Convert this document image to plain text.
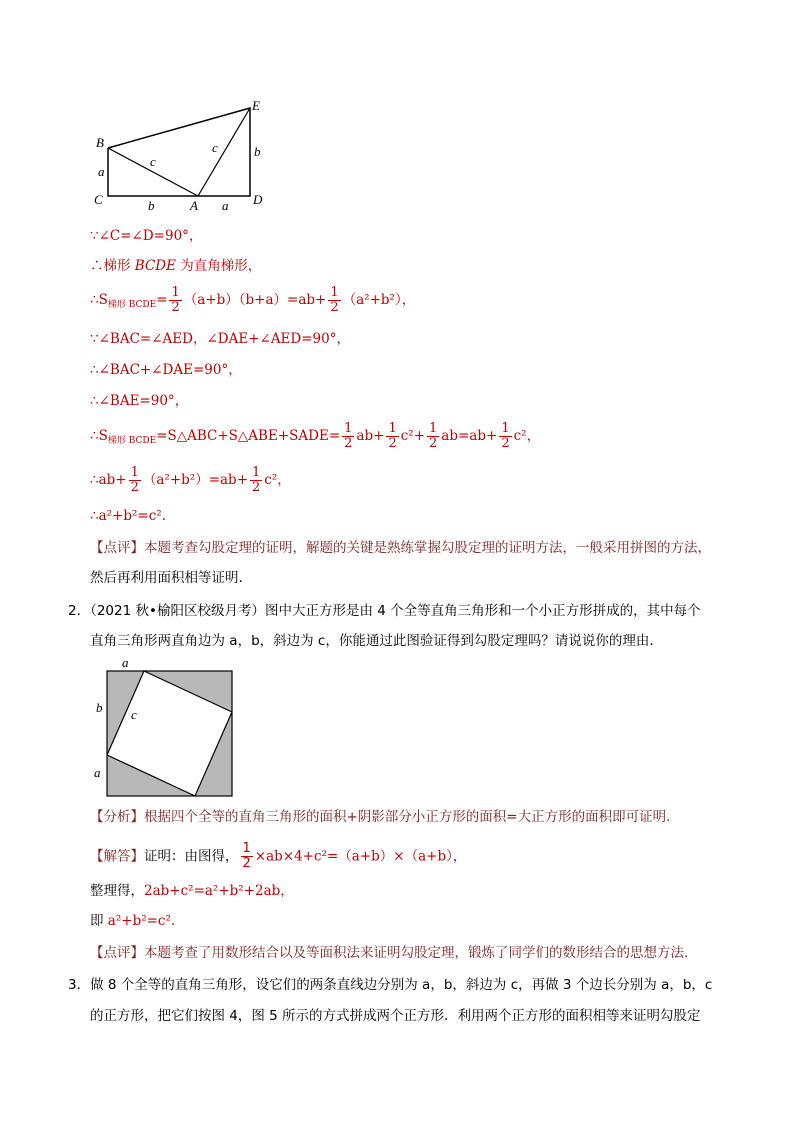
B
C
E
D
A
a
b	a
b
c
c
∵∠C=∠D=90°，
∴梯形 BCDE 为直角梯形，
$\therefore S_{梯形 BCDE}= \frac{1}{2} (a+b)(b+a)=ab+ \frac{1}{2} (a^2+b^2)$，
∵∠BAC=∠AED，∠DAE+∠AED=90°，
∴∠BAC+∠DAE=90°，
∴∠BAE=90°，
$\therefore S_{梯形 BCDE}=S\triangle ABC+S\triangle ABE+SADE= \frac{1}{2} ab+ \frac{1}{2} c^2+ \frac{1}{2} ab=ab+ \frac{1}{2} c^2$，
∴ab+ $\frac{1}{2} (a^2+b^2)=ab+ \frac{1}{2} c^2$，
∴a²+b²=c².
【点评】本题考查勾股定理的证明，解题的关键是熟练掌握勾股定理的证明方法，一般采用拼图的方法，
然后再利用面积相等证明.
2．（2021 秋•榆阳区校级月考）图中大正方形是由 4 个全等直角三角形和一个小正方形拼成的，其中每个
直角三角形两直角边为 a，b，斜边为 c，你能通过此图验证得到勾股定理吗？请说说你的理由.
a
b c
a
【分析】根据四个全等的直角三角形的面积+阴影部分小正方形的面积=大正方形的面积即可证明.
【解答】证明：由图得， $\frac{1}{2} \times ab\times 4+c^2=(a+b)\times(a+b)$，
整理得，2ab+c²=a²+b²+2ab，
即 a²+b²=c².
【点评】本题考查了用数形结合以及等面积法来证明勾股定理，锻炼了同学们的数形结合的思想方法.
3．做 8 个全等的直角三角形，设它们的两条直线边分别为 a，b，斜边为 c，再做 3 个边长分别为 a，b，c
的正方形，把它们按图 4，图 5 所示的方式拼成两个正方形．利用两个正方形的面积相等来证明勾股定
